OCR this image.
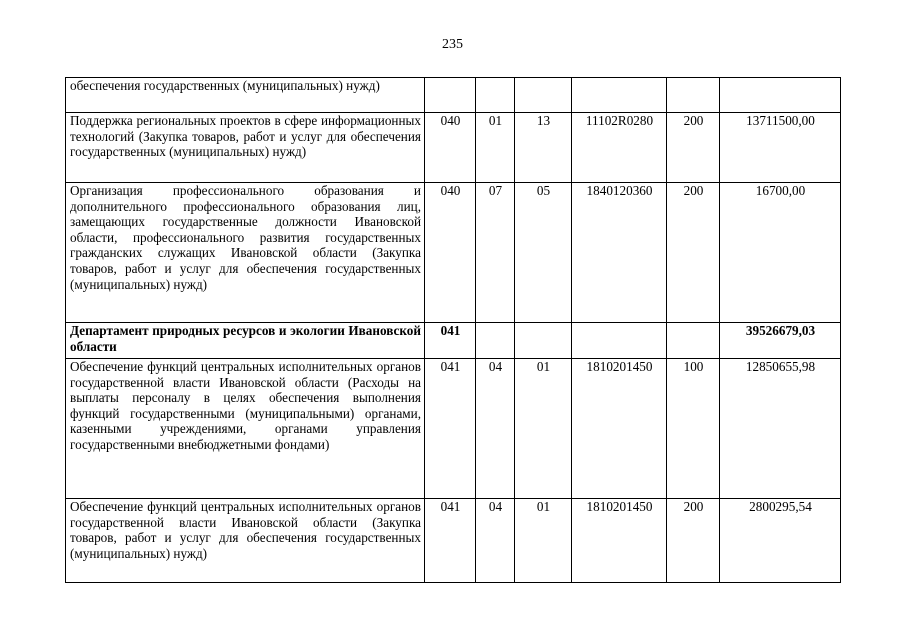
235
обеспечения государственных (муниципальных) нужд)						
Поддержка региональных проектов в сфере информационных технологий (Закупка товаров, работ и услуг для обеспечения государственных (муниципальных) нужд)	040	01	13	11102R0280	200	13711500,00
Организация профессионального образования и дополнительного профессионального образования лиц, замещающих государственные должности Ивановской области, профессионального развития государственных гражданских служащих Ивановской области (Закупка товаров, работ и услуг для обеспечения государственных (муниципальных) нужд)	040	07	05	1840120360	200	16700,00
Департамент природных ресурсов и экологии Ивановской области	041					39526679,03
Обеспечение функций центральных исполнительных органов государственной власти Ивановской области (Расходы на выплаты персоналу в целях обеспечения выполнения функций государственными (муниципальными) органами, казенными учреждениями, органами управления государственными внебюджетными фондами)	041	04	01	1810201450	100	12850655,98
Обеспечение функций центральных исполнительных органов государственной власти Ивановской области (Закупка товаров, работ и услуг для обеспечения государственных (муниципальных) нужд)	041	04	01	1810201450	200	2800295,54
